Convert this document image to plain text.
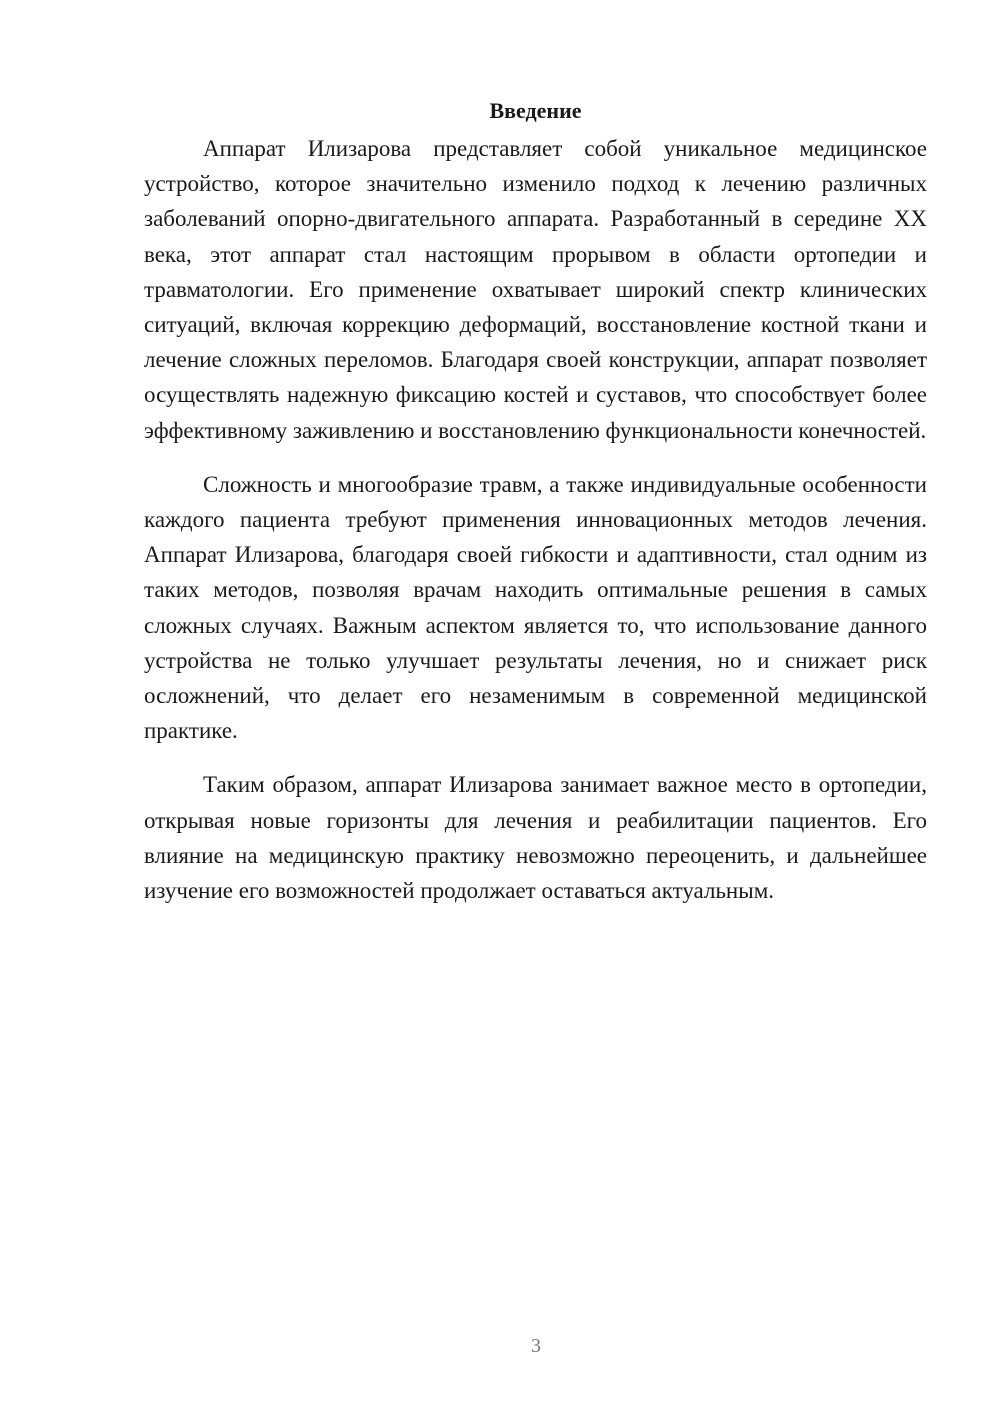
Введение

Аппарат Илизарова представляет собой уникальное медицинское устройство, которое значительно изменило подход к лечению различных заболеваний опорно-двигательного аппарата. Разработанный в середине XX века, этот аппарат стал настоящим прорывом в области ортопедии и травматологии. Его применение охватывает широкий спектр клинических ситуаций, включая коррекцию деформаций, восстановление костной ткани и лечение сложных переломов. Благодаря своей конструкции, аппарат позволяет осуществлять надежную фиксацию костей и суставов, что способствует более эффективному заживлению и восстановлению функциональности конечностей.

Сложность и многообразие травм, а также индивидуальные особенности каждого пациента требуют применения инновационных методов лечения. Аппарат Илизарова, благодаря своей гибкости и адаптивности, стал одним из таких методов, позволяя врачам находить оптимальные решения в самых сложных случаях. Важным аспектом является то, что использование данного устройства не только улучшает результаты лечения, но и снижает риск осложнений, что делает его незаменимым в современной медицинской практике.

Таким образом, аппарат Илизарова занимает важное место в ортопедии, открывая новые горизонты для лечения и реабилитации пациентов. Его влияние на медицинскую практику невозможно переоценить, и дальнейшее изучение его возможностей продолжает оставаться актуальным.

3
